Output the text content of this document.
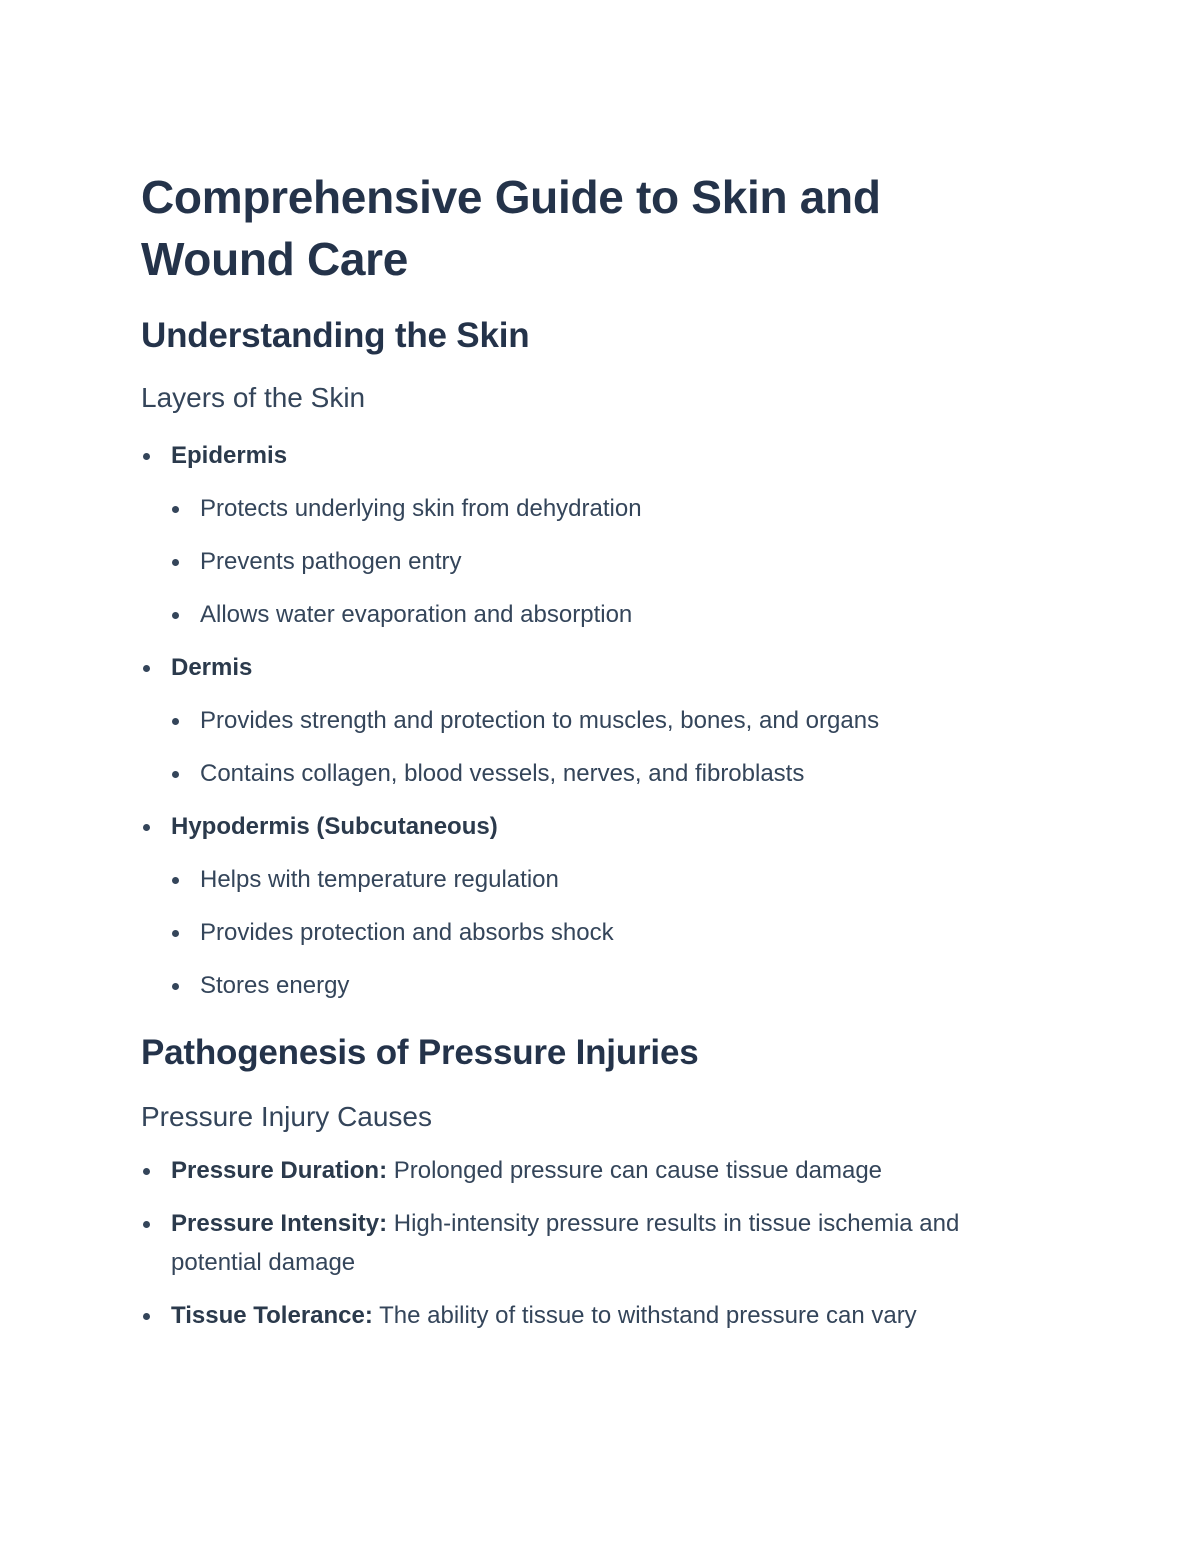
Comprehensive Guide to Skin and Wound Care
Understanding the Skin
Layers of the Skin
Epidermis
Protects underlying skin from dehydration
Prevents pathogen entry
Allows water evaporation and absorption
Dermis
Provides strength and protection to muscles, bones, and organs
Contains collagen, blood vessels, nerves, and fibroblasts
Hypodermis (Subcutaneous)
Helps with temperature regulation
Provides protection and absorbs shock
Stores energy
Pathogenesis of Pressure Injuries
Pressure Injury Causes
Pressure Duration: Prolonged pressure can cause tissue damage
Pressure Intensity: High-intensity pressure results in tissue ischemia and potential damage
Tissue Tolerance: The ability of tissue to withstand pressure can vary
